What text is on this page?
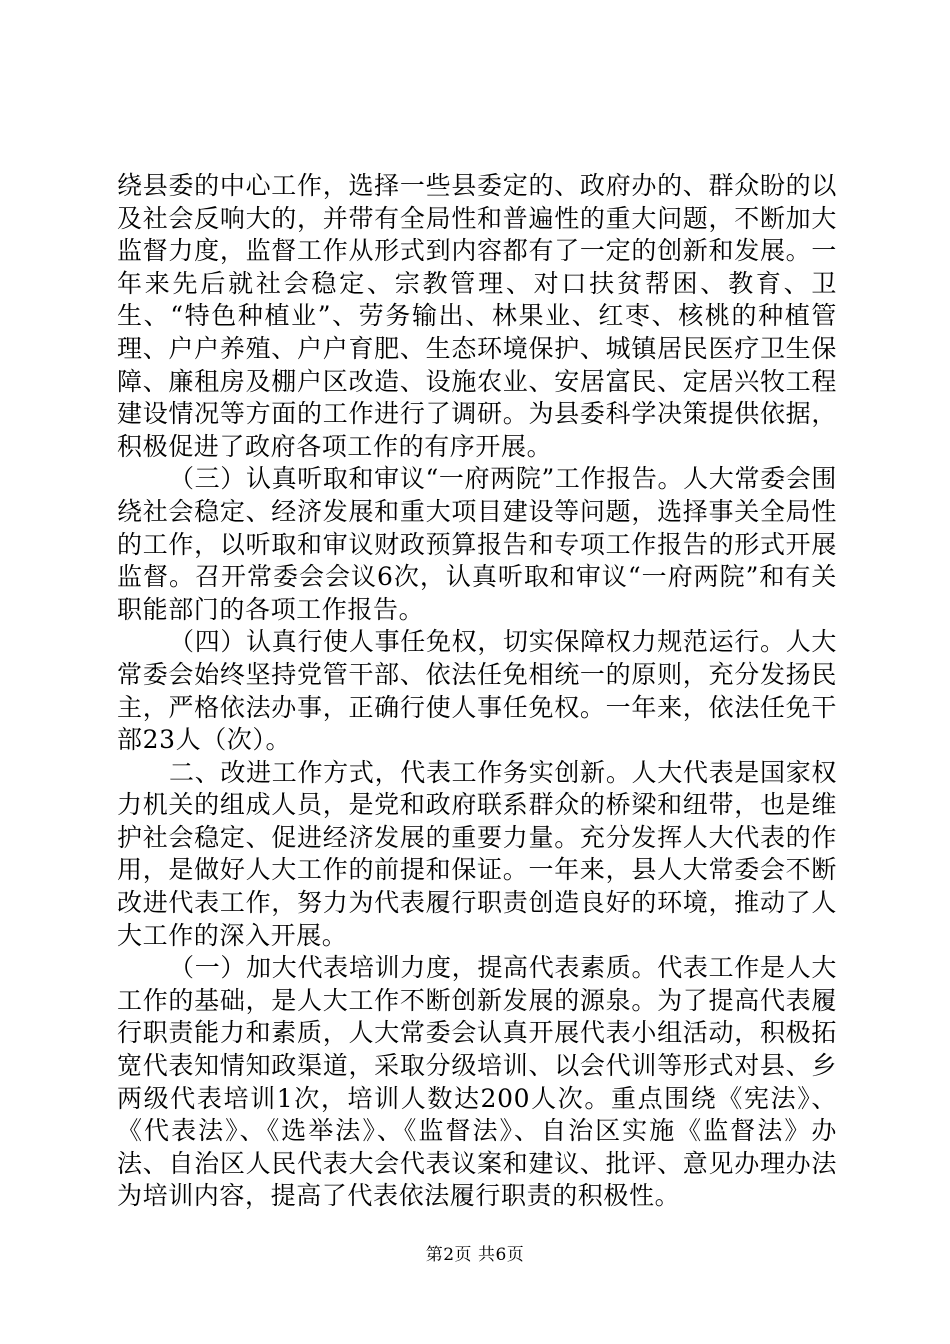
绕县委的中心工作，选择一些县委定的、政府办的、群众盼的以及社会反响大的，并带有全局性和普遍性的重大问题，不断加大监督力度，监督工作从形式到内容都有了一定的创新和发展。一年来先后就社会稳定、宗教管理、对口扶贫帮困、教育、卫生、“特色种植业”、劳务输出、林果业、红枣、核桃的种植管理、户户养殖、户户育肥、生态环境保护、城镇居民医疗卫生保障、廉租房及棚户区改造、设施农业、安居富民、定居兴牧工程建设情况等方面的工作进行了调研。为县委科学决策提供依据，积极促进了政府各项工作的有序开展。

（三）认真听取和审议“一府两院”工作报告。人大常委会围绕社会稳定、经济发展和重大项目建设等问题，选择事关全局性的工作，以听取和审议财政预算报告和专项工作报告的形式开展监督。召开常委会会议6次，认真听取和审议“一府两院”和有关职能部门的各项工作报告。

（四）认真行使人事任免权，切实保障权力规范运行。人大常委会始终坚持党管干部、依法任免相统一的原则，充分发扬民主，严格依法办事，正确行使人事任免权。一年来，依法任免干部23人（次）。

二、改进工作方式，代表工作务实创新。人大代表是国家权力机关的组成人员，是党和政府联系群众的桥梁和纽带，也是维护社会稳定、促进经济发展的重要力量。充分发挥人大代表的作用，是做好人大工作的前提和保证。一年来，县人大常委会不断改进代表工作，努力为代表履行职责创造良好的环境，推动了人大工作的深入开展。

（一）加大代表培训力度，提高代表素质。代表工作是人大工作的基础，是人大工作不断创新发展的源泉。为了提高代表履行职责能力和素质，人大常委会认真开展代表小组活动，积极拓宽代表知情知政渠道，采取分级培训、以会代训等形式对县、乡两级代表培训1次，培训人数达200人次。重点围绕《宪法》、《代表法》、《选举法》、《监督法》、自治区实施《监督法》办法、自治区人民代表大会代表议案和建议、批评、意见办理办法为培训内容，提高了代表依法履行职责的积极性。

第2页 共6页
